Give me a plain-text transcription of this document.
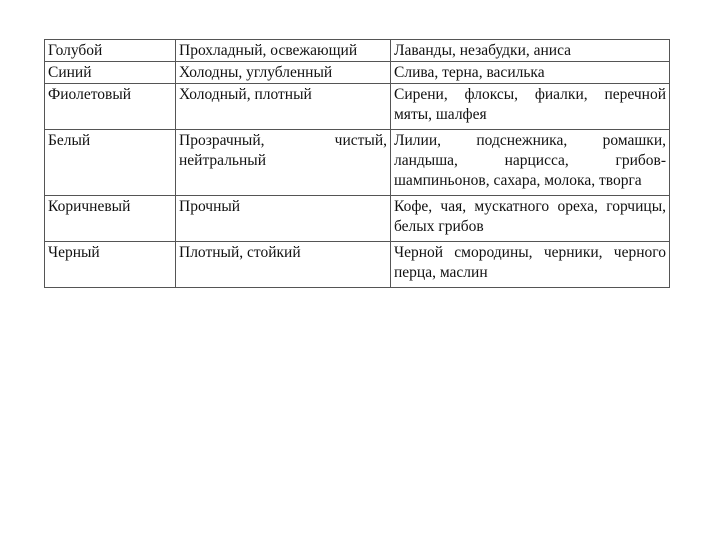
Голубой	Прохладный, освежающий	Лаванды, незабудки, аниса
Синий	Холодны, углубленный	Слива, терна, василька
Фиолетовый	Холодный, плотный	Сирени, флоксы, фиалки, перечной мяты, шалфея
Белый	Прозрачный, чистый, нейтральный	Лилии, подснежника, ромашки, ландыша, нарцисса, грибов-шампиньонов, сахара, молока, творга
Коричневый	Прочный	Кофе, чая, мускатного ореха, горчицы, белых грибов
Черный	Плотный, стойкий	Черной смородины, черники, черного перца, маслин
